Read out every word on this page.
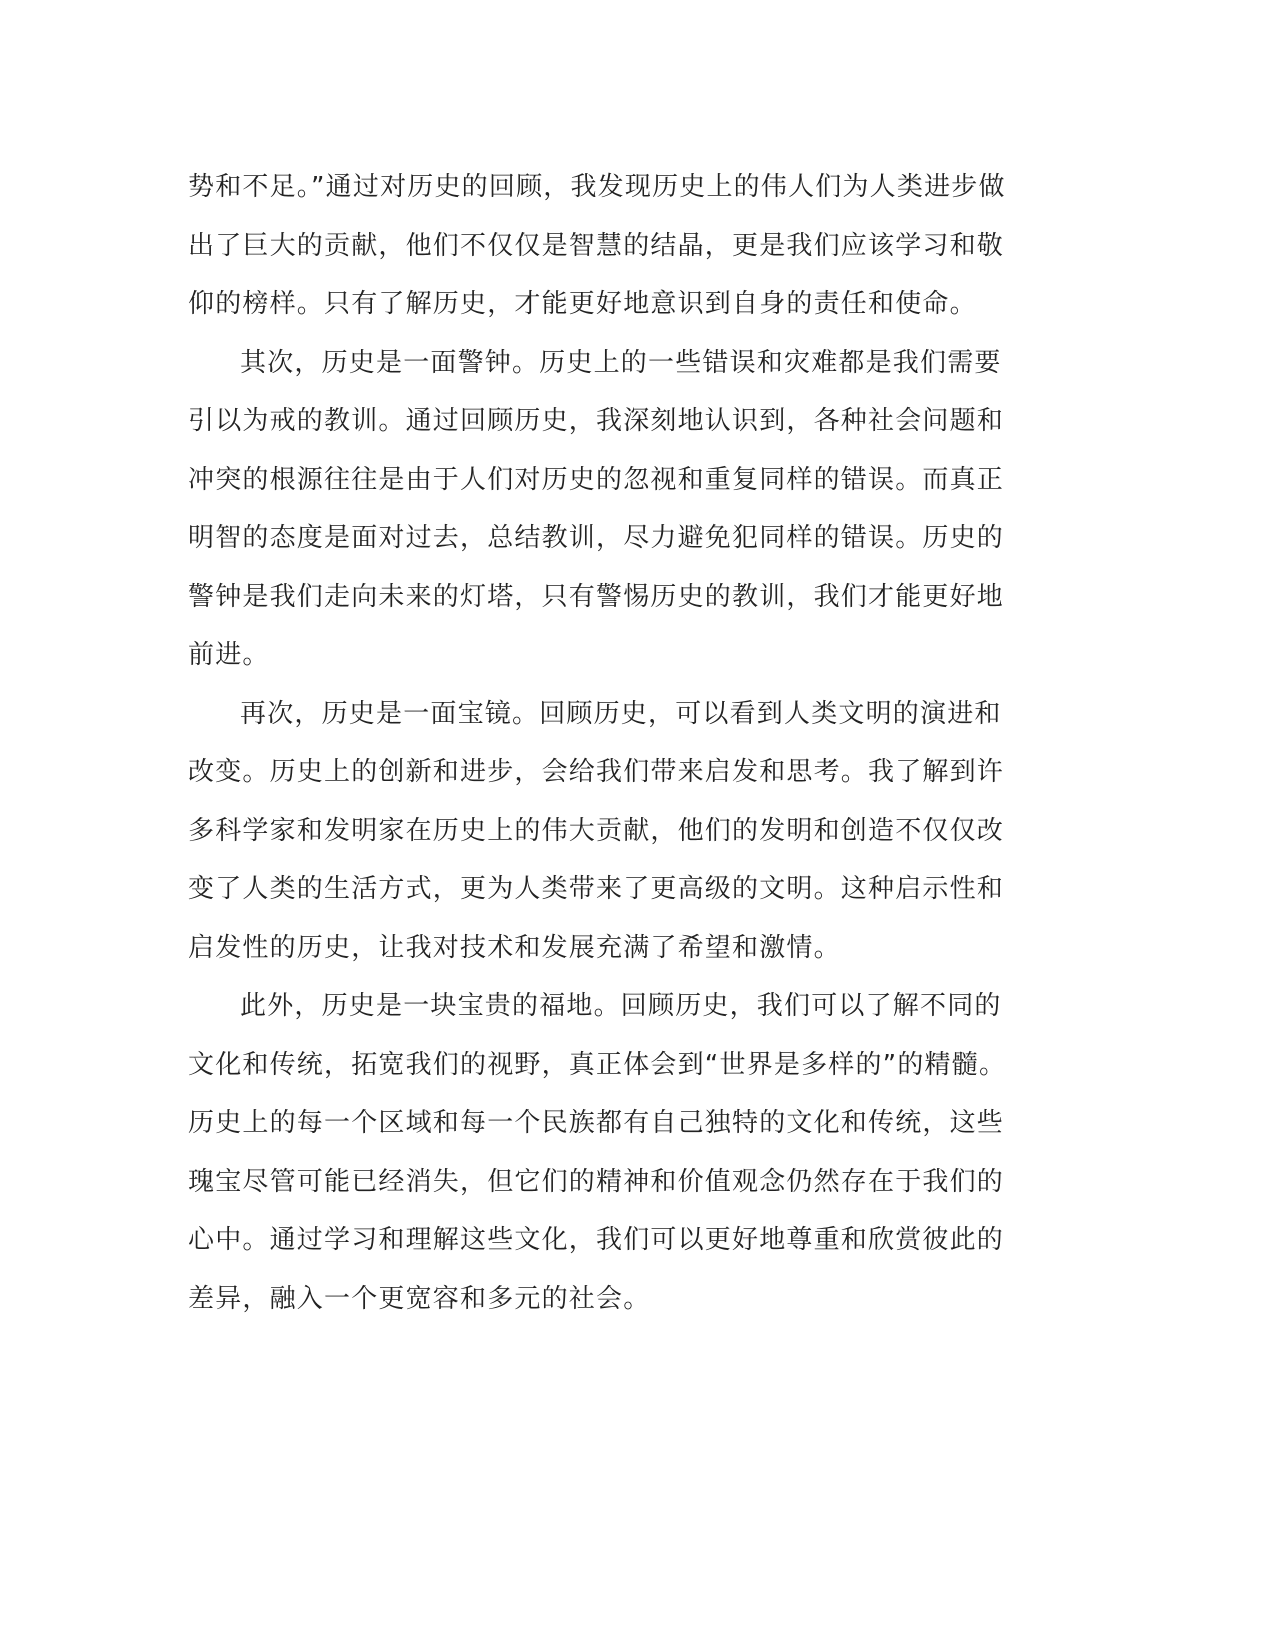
势和不足。”通过对历史的回顾，我发现历史上的伟人们为人类进步做
出了巨大的贡献，他们不仅仅是智慧的结晶，更是我们应该学习和敬
仰的榜样。只有了解历史，才能更好地意识到自身的责任和使命。

其次，历史是一面警钟。历史上的一些错误和灾难都是我们需要
引以为戒的教训。通过回顾历史，我深刻地认识到，各种社会问题和
冲突的根源往往是由于人们对历史的忽视和重复同样的错误。而真正
明智的态度是面对过去，总结教训，尽力避免犯同样的错误。历史的
警钟是我们走向未来的灯塔，只有警惕历史的教训，我们才能更好地
前进。

再次，历史是一面宝镜。回顾历史，可以看到人类文明的演进和
改变。历史上的创新和进步，会给我们带来启发和思考。我了解到许
多科学家和发明家在历史上的伟大贡献，他们的发明和创造不仅仅改
变了人类的生活方式，更为人类带来了更高级的文明。这种启示性和
启发性的历史，让我对技术和发展充满了希望和激情。

此外，历史是一块宝贵的福地。回顾历史，我们可以了解不同的
文化和传统，拓宽我们的视野，真正体会到“世界是多样的”的精髓。
历史上的每一个区域和每一个民族都有自己独特的文化和传统，这些
瑰宝尽管可能已经消失，但它们的精神和价值观念仍然存在于我们的
心中。通过学习和理解这些文化，我们可以更好地尊重和欣赏彼此的
差异，融入一个更宽容和多元的社会。
